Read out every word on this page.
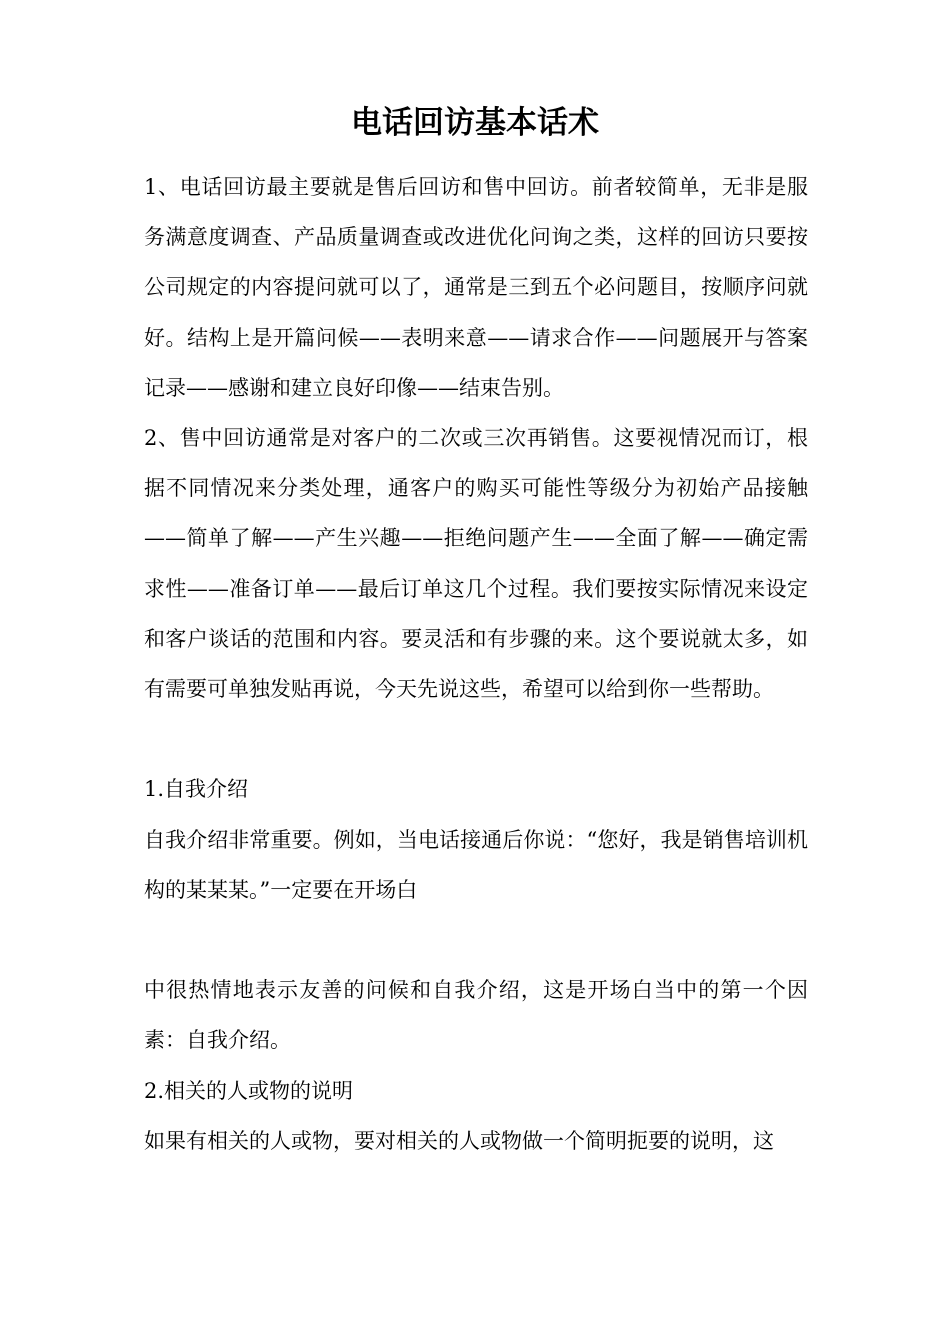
电话回访基本话术

1、电话回访最主要就是售后回访和售中回访。前者较简单，无非是服务满意度调查、产品质量调查或改进优化问询之类，这样的回访只要按公司规定的内容提问就可以了，通常是三到五个必问题目，按顺序问就好。结构上是开篇问候——表明来意——请求合作——问题展开与答案记录——感谢和建立良好印像——结束告别。

2、售中回访通常是对客户的二次或三次再销售。这要视情况而订，根据不同情况来分类处理，通客户的购买可能性等级分为初始产品接触——简单了解——产生兴趣——拒绝问题产生——全面了解——确定需求性——准备订单——最后订单这几个过程。我们要按实际情况来设定和客户谈话的范围和内容。要灵活和有步骤的来。这个要说就太多，如有需要可单独发贴再说，今天先说这些，希望可以给到你一些帮助。

1.自我介绍

自我介绍非常重要。例如，当电话接通后你说：“您好，我是销售培训机构的某某某。”一定要在开场白

中很热情地表示友善的问候和自我介绍，这是开场白当中的第一个因素：自我介绍。

2.相关的人或物的说明

如果有相关的人或物，要对相关的人或物做一个简明扼要的说明，这
